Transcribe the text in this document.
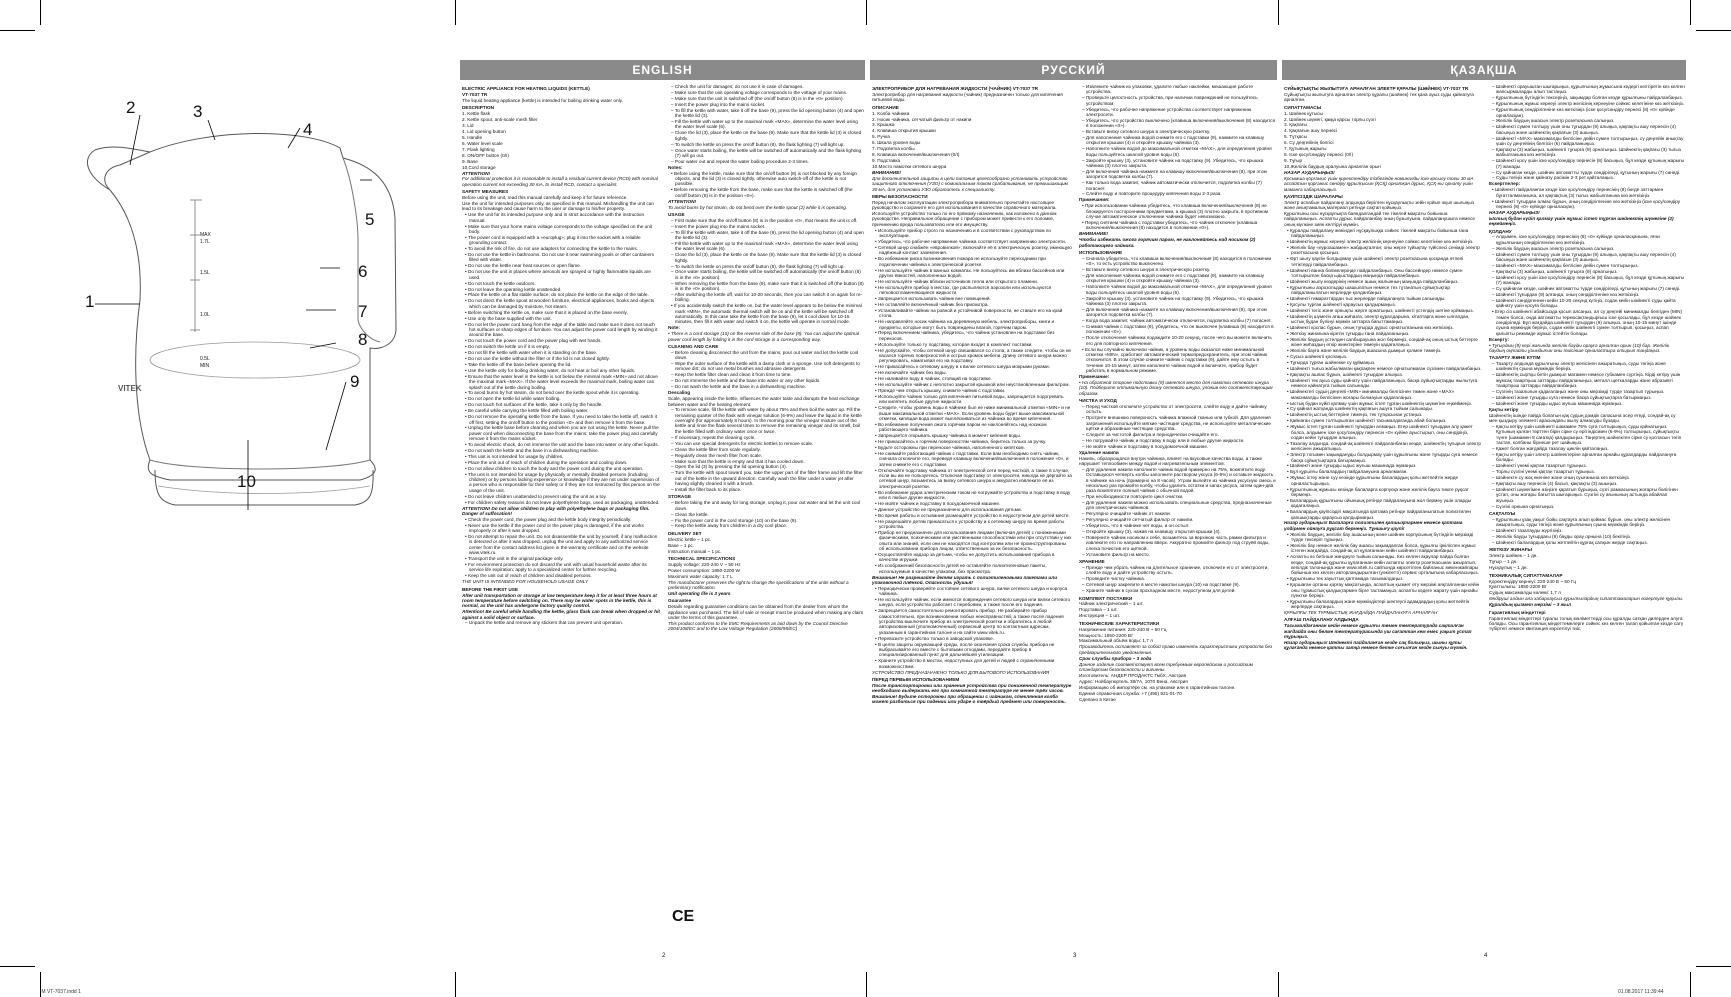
1
2	3
4
5
6
7
8
9
10
MAX
1.7L
1.5L
1.0L
0.5L
MIN
VITEK
ENGLISH

ELECTRIC APPLIANCE FOR HEATING LIQUIDS (KETTLE)

VT-7037 TR

The liquid heating appliance (kettle) is intended for boiling drinking water only.

DESCRIPTION

1. Kettle flask

2. Kettle spout, anti-scale mesh filter

3. Lid

4. Lid opening button

5. Handle

6. Water level scale

7. Flask lighting

8. ON/OFF button (0/I)

9. Base

10.Cord storage

ATTENTION!

For additional protection it is reasonable to install a residual current device (RCD) with nominal operation current not exceeding 30 mA, to install RCD, contact a specialist.

SAFETY MEASURES

Before using the unit, read this manual carefully and keep it for future reference.

Use the unit for intended purposes only, as specified in this manual. Mishandling the unit can lead to its breakage and cause harm to the user or damage to his/her property.

• Use the unit for its intended purpose only and in strict accordance with the instruction manual.

• Make sure that your home mains voltage corresponds to the voltage specified on the unit body.

• The power cord is equipped with a «europlug»; plug it into the socket with a reliable grounding contact.

• To avoid the risk of fire, do not use adapters for connecting the kettle to the mains.

• Do not use the kettle in bathrooms. Do not use it near swimming pools or other containers filled with water.

• Do not use the kettle near heat sources or open flame.

• Do not use the unit in places where aerosols are sprayed or highly flammable liquids are used.

• Do not touch the kettle outdoors.

• Do not leave the operating kettle unattended.

• Place the kettle on a flat stable surface; do not place the kettle on the edge of the table.

• Do not direct the kettle spout at wooden furniture, electrical appliances, books and objects which can be damaged by moisture, hot steam.

• Before switching the kettle on, make sure that it is placed on the base evenly.

• Use only the base supplied with the unit.

• Do not let the power cord hang from the edge of the table and make sure it does not touch hot surfaces or sharp edges of furniture. You can adjust the power cord length by winding it around the base.

• Do not touch the power cord and the power plug with wet hands.

• Do not switch the kettle on if it is empty.

• Do not fill the kettle with water when it is standing on the base.

• Do not use the kettle without the filter or if the lid is not closed tightly.

• Take the kettle off the base before opening the lid.

• Use the kettle only for boiling drinking water, do not heat or boil any other liquids.

• Ensure that the water level in the kettle is not below the minimal mark «MIN» and not above the maximal mark «MAX». If the water level exceeds the maximal mark, boiling water can splash out of the kettle during boiling.

• To avoid burns by hot steam, do not bend over the kettle spout while it is operating.

• Do not open the kettle lid while water boiling.

• Do not touch hot surfaces of the kettle, take it only by the handle.

• Be careful while carrying the kettle filled with boiling water.

• Do not remove the operating kettle from the base. If you need to take the kettle off, switch it off first, setting the on/off button to the position «0» and then remove it from the base.

• Unplug the kettle base before cleaning and when you are not using the kettle. Never pull the power cord when disconnecting the base from the mains; take the power plug and carefully remove it from the mains socket.

• To avoid electric shock, do not immerse the unit and the base into water or any other liquids.

• Do not wash the kettle and the base in a dishwashing machine.

• This unit is not intended for usage by children.

• Place the unit out of reach of children during the operation and cooling down.

• Do not allow children to touch the body and the power cord during the unit operation.

• The unit is not intended for usage by physically or mentally disabled persons (including children) or by persons lacking experience or knowledge if they are not under supervision of a person who is responsible for their safety or if they are not instructed by this person on the usage of the unit.

• Do not leave children unattended to prevent using the unit as a toy.

• For children safety reasons do not leave polyethylene bags, used as packaging, unattended.

ATTENTION! Do not allow children to play with polyethylene bags or packaging film. Danger of suffocation!

• Check the power cord, the power plug and the kettle body integrity periodically.

• Never use the kettle if the power cord or the power plug is damaged, if the unit works improperly or after it was dropped.

• Do not attempt to repair the unit. Do not disassemble the unit by yourself, if any malfunction is detected or after it was dropped, unplug the unit and apply to any authorized service center from the contact address list given in the warranty certificate and on the website www.vitek.ru.

• Transport the unit in the original package only.

• For environment protection do not discard the unit with usual household waste after its service life expiration; apply to a specialized center for further recycling.

• Keep the unit out of reach of children and disabled persons.

THE UNIT IS INTENDED FOR HOUSEHOLD USAGE ONLY

BEFORE THE FIRST USE

After unit transportation or storage at low temperature keep it for at least three hours at room temperature before switching on. There may be water spots in the kettle, this is normal, as the unit has undergone factory quality control.

Attention! Be careful while handling the kettle, glass flask can break when dropped or hit against a solid object or surface.

– Unpack the kettle and remove any stickers that can prevent unit operation.

– Check the unit for damages; do not use it in case of damages.

– Make sure that the unit operating voltage corresponds to the voltage of your mains.

– Make sure that the unit is switched off (the on/off button (8) is in the «0» position).

– Insert the power plug into the mains socket.

– To fill the kettle with water, take it off the base (9), press the lid opening button (4) and open the kettle lid (3).

– Fill the kettle with water up to the maximal mark «MAX», determine the water level using the water level scale (6).

– Close the lid (3), place the kettle on the base (9). Make sure that the kettle lid (3) is closed tightly.

– To switch the kettle on press the on/off button (8), the flask lighting (7) will light up.

– Once water starts boiling, the kettle will be switched off automatically and the flask lighting (7) will go out.

– Pour water out and repeat the water boiling procedure 2-3 times.

Notes:

• Before using the kettle, make sure that the on/off button (8) is not blocked by any foreign objects, and the lid (3) is closed tightly, otherwise auto switch-off of the kettle is not possible.

• Before removing the kettle from the base, make sure that the kettle is switched off (the on/off button (8) is in the position «0»).

ATTENTION!

To avoid burns by hot steam, do not bend over the kettle spout (2) while it is operating.

USAGE

– First make sure that the on/off button (8) is in the position «0», that means the unit is off.

– Insert the power plug into the mains socket.

– To fill the kettle with water, take it off the base (9), press the lid opening button (4) and open the kettle lid (3).

– Fill the kettle with water up to the maximal mark «MAX», determine the water level using the water level scale (6).

– Close the lid (3), place the kettle on the base (9). Make sure that the kettle lid (3) is closed tightly.

– To switch the kettle on press the on/off button (8), the flask lighting (7) will light up.

– Once water starts boiling, the kettle will be switched off automatically (the on/off button (8) is in the «0» position).

– When removing the kettle from the base (9), make sure that it is switched off (the button (8) is in the «0» position).

– After switching the kettle off, wait for 10-20 seconds, then you can switch it on again for re-boiling.

• If you accidentally switch the kettle on, but the water level appears to be below the minimal mark «MIN», the automatic thermal switch will be on and the kettle will be switched off automatically. In this case take the kettle from the base (9), let it cool down for 10-15 minutes, then fill it with water and switch it on, the kettle will operate in normal mode.

Note:

• There is a cord storage (10) on the reverse side of the base (9). You can adjust the optimal power cord length by folding it in the cord storage in a corresponding way.

CLEANING AND CARE

– Before cleaning disconnect the unit from the mains, pour out water and let the kettle cool down.

– Wipe the outer surface of the kettle with a damp cloth or a sponge. Use soft detergents to remove dirt; do not use metal brushes and abrasive detergents.

– Keep the kettle filter clean and clean it from time to time.

– Do not immerse the kettle and the base into water or any other liquids.

– Do not wash the kettle and the base in a dishwashing machine.

Descaling

Scale, appearing inside the kettle, influences the water taste and disrupts the heat exchange between water and the heating element.

– To remove scale, fill the kettle with water by about 75% and then boil the water up. Fill the remaining quarter of the flask with vinegar solution (6-9%) and leave the liquid in the kettle overnight (for approximately 8 hours). In the morning pour the vinegar mixture out of the kettle and rinse the flask several times to remove the remaining vinegar and its smell, boil the kettle filled with ordinary water once or twice.

– If necessary, repeat the cleaning cycle.

– You can use special detergents for electric kettles to remove scale.

– Clean the kettle filter from scale regularly.

– Regularly clean the mesh filter from scale.

– Make sure that the kettle is empty and that it has cooled down.

– Open the lid (3) by pressing the lid opening button (4).

– Turn the kettle with spout toward you, take the upper part of the filter frame and lift the filter out of the kettle in the upward direction. Carefully wash the filter under a water jet after having slightly cleaned it with a brush.

– Install the filter back to its place.

STORAGE

– Before taking the unit away for long storage, unplug it, pour out water and let the unit cool down.

– Clean the kettle.

– Fix the power cord in the cord storage (10) on the base (9).

– Keep the kettle away from children in a dry cool place.

DELIVERY SET

Electric kettle – 1 pc.

Base – 1 pc.

Instruction manual – 1 pc.

TECHNICAL SPECIFICATIONS

Supply voltage: 220-240 V ~ 50 Hz

Power consumption: 1850-2200 W

Maximum water capacity: 1.7 L

The manufacturer preserves the right to change the specifications of the units without a preliminary notification.

Unit operating life is 3 years

Guarantee

Details regarding guarantee conditions can be obtained from the dealer from whom the appliance was purchased. The bill of sale or receipt must be produced when making any claim under the terms of this guarantee.

This product conforms to the EMC-Requirements as laid down by the Council Directive 2004/108/EC and to the Low Voltage Regulation (2006/95/EC)

CE
2
РУССКИЙ

ЭЛЕКТРОПРИБОР ДЛЯ НАГРЕВАНИЯ ЖИДКОСТИ (ЧАЙНИК) VT-7037 TR

Электроприбор для нагревания жидкости (чайник) предназначен только для кипячения питьевой воды.

ОПИСАНИЕ

1. Колба чайника

2. Носик чайника, сетчатый фильтр от накипи

3. Крышка

4. Клавиша открытия крышки

5. Ручка

6. Шкала уровня воды

7. Подсветка колбы

8. Клавиша включения/выключения (0/I)

9. Подставка

10.Место намотки сетевого шнура

ВНИМАНИЕ!

Для дополнительной защиты в цепи питания целесообразно установить устройство защитного отключения (УЗО) с номинальным током срабатывания, не превышающим 30 мА, для установки УЗО обратитесь к специалисту.

МЕРЫ БЕЗОПАСНОСТИ

Перед началом эксплуатации электроприбора внимательно прочитайте настоящее руководство и сохраните его для использования в качестве справочного материала.

Используйте устройство только по его прямому назначению, как изложено в данном руководстве. Неправильное обращение с прибором может привести к его поломке, причинению вреда пользователю или его имуществу.

• Используйте прибор строго по назначению и в соответствии с руководством по эксплуатации.

• Убедитесь, что рабочее напряжение чайника соответствует напряжению электросети.

• Сетевой шнур снабжён «евровилкой»; включайте её в электрическую розетку, имеющую надёжный контакт заземления.

• Во избежание риска возникновения пожара не используйте переходники при подключении чайника к электрической розетке.

• Не используйте чайник в ванных комнатах. Не пользуйтесь им вблизи бассейнов или других ёмкостей, наполненных водой.

• Не используйте чайник вблизи источников тепла или открытого пламени.

• Не используйте прибор в местах, где распыляются аэрозоли или используются легковоспламеняющиеся жидкости.

• Запрещается использовать чайник вне помещений.

• Не оставляйте включённый чайник без присмотра.

• Устанавливайте чайник на ровной и устойчивой поверхности, не ставьте его на край стола.

• Не направляйте носик чайника на деревянную мебель, электроприборы, книги и предметы, которые могут быть повреждены влагой, горячим паром.

• Перед включением чайника, убедитесь, что чайник установлен на подставке без перекосов.

• Используйте только ту подставку, которая входит в комплект поставки.

• Не допускайте, чтобы сетевой шнур свешивался со стола, а также следите, чтобы он не касался горячих поверхностей и острых кромок мебели. Длину сетевого шнура можно регулировать, наматывая его на подставку.

• Не прикасайтесь к сетевому шнуру и к вилке сетевого шнура мокрыми руками.

• Не включайте чайник без воды.

• Не наливайте воду в чайник, стоящий на подставке.

• Не используйте чайник с неплотно закрытой крышкой или неустановленным фильтром.

• Прежде чем открыть крышку, снимите чайник с подставки.

• Используйте чайник только для кипячения питьевой воды, запрещается подогревать или кипятить любые другие жидкости.

• Следите, чтобы уровень воды в чайнике был не ниже минимальной отметки «MIN» и не выше максимальной отметки «MAX». Если уровень воды будет выше максимальной отметки, кипящая вода может выплёскиваться из чайника во время кипячения.

• Во избежание получения ожога горячим паром не наклоняйтесь над носиком работающего чайника.

• Запрещается открывать крышку чайника в момент кипения воды.

• Не прикасайтесь к горячим поверхностям чайника, беритесь только за ручку.

• Будьте осторожны при переноске чайника, наполненного кипятком.

• Не снимайте работающий чайник с подставки. Если вам необходимо снять чайник, сначала отключите его, переведя клавишу включения/выключения в положение «0», и затем снимите его с подставки.

• Отключайте подставку чайника от электрической сети перед чисткой, а также в случае, если вы им не пользуетесь. Отключая подставку от электросети, никогда не дёргайте за сетевой шнур, возьмитесь за вилку сетевого шнура и аккуратно извлеките её из электрической розетки.

• Во избежание удара электрическим током не погружайте устройство и подставку в воду или в любые другие жидкости.

• Не мойте чайник и подставку в посудомоечной машине.

• Данное устройство не предназначено для использования детьми.

• Во время работы и остывания размещайте устройство в недоступном для детей месте.

• Не разрешайте детям прикасаться к устройству и к сетевому шнуру во время работы устройства.

• Прибор не предназначен для использования лицами (включая детей) с пониженными физическими, психическими или умственными способностями или при отсутствии у них опыта или знаний, если они не находятся под контролем или не проинструктированы об использовании прибора лицом, ответственным за их безопасность.

• Осуществляйте надзор за детьми, чтобы не допустить использования прибора в качестве игрушки.

• Из соображений безопасности детей не оставляйте полиэтиленовые пакеты, используемые в качестве упаковки, без присмотра.

Внимание! Не разрешайте детям играть с полиэтиленовыми пакетами или упаковочной плёнкой. Опасность удушья!

• Периодически проверяйте состояние сетевого шнура, вилки сетевого шнура и корпуса чайника.

• Не используйте чайник, если имеются повреждения сетевого шнура или вилки сетевого шнура, если устройство работает с перебоями, а также после его падения.

• Запрещается самостоятельно ремонтировать прибор. Не разбирайте прибор самостоятельно, при возникновении любых неисправностей, а также после падения устройства выключите прибор из электрической розетки и обратитесь в любой авторизованный (уполномоченный) сервисный центр по контактным адресам, указанным в гарантийном талоне и на сайте www.vitek.ru.

• Перевозите устройство только в заводской упаковке.

• В целях защиты окружающей среды, после окончания срока службы прибора не выбрасывайте его вместе с бытовыми отходами, передайте прибор в специализированный пункт для дальнейшей утилизации.

• Храните устройство в местах, недоступных для детей и людей с ограниченными возможностями.

УСТРОЙСТВО ПРЕДНАЗНАЧЕНО ТОЛЬКО ДЛЯ БЫТОВОГО ИСПОЛЬЗОВАНИЯ

ПЕРЕД ПЕРВЫМ ИСПОЛЬЗОВАНИЕМ

После транспортировки или хранения устройства при пониженной температуре необходимо выдержать его при комнатной температуре не менее трёх часов.

Внимание! Будьте осторожны при обращении с чайником, стеклянная колба может разбиться при падении или ударе о твёрдый предмет или поверхность.

– Извлеките чайник из упаковки, удалите любые наклейки, мешающие работе устройства.

– Проверьте целостность устройства, при наличии повреждений не пользуйтесь устройством.

– Убедитесь, что рабочее напряжение устройства соответствует напряжению электросети.

– Убедитесь, что устройство выключено (клавиша включения/выключения (8) находится в положении «0»).

– Вставьте вилку сетевого шнура в электрическую розетку.

– Для наполнения чайника водой снимите его с подставки (9), нажмите на клавишу открытия крышки (4) и откройте крышку чайника (3).

– Наполните чайник водой до максимальной отметки «MAX», для определения уровня воды пользуйтесь шкалой уровня воды (6).

– Закройте крышку (3), установите чайник на подставку (9). Убедитесь, что крышка чайника (3) плотно закрыта.

– Для включения чайника нажмите на клавишу включения/выключения (8), при этом загорится подсветка колбы (7).

– Как только вода закипит, чайник автоматически отключится, подсветка колбы (7) погаснет.

– Слейте воду и повторите процедуру кипячения воды 2-3 раза.

Примечания:

• При использовании чайника убедитесь, что клавиша включения/выключения (8) не блокируется посторонними предметами, а крышка (3) плотно закрыта, в противном случае автоматическое отключение чайника будет невозможно.

• Перед снятием чайника с подставки убедитесь, что чайник отключен (клавиша включения/выключения (8) находится в положении «0»).

ВНИМАНИЕ!

Чтобы избежать ожога горячим паром, не наклоняйтесь над носиком (2) работающего чайника.

ИСПОЛЬЗОВАНИЕ

– Сначала убедитесь, что клавиша включения/выключения (8) находится в положении «0», то есть устройство выключено.

– Вставьте вилку сетевого шнура в электрическую розетку.

– Для наполнения чайника водой снимите его с подставки (9), нажмите на клавишу открытия крышки (4) и откройте крышку чайника (3).

– Наполните чайник водой до максимальной отметки «MAX», для определения уровня воды пользуйтесь шкалой уровня воды (6).

– Закройте крышку (3), установите чайник на подставку (9). Убедитесь, что крышка чайника (3) плотно закрыта.

– Для включения чайника нажмите на клавишу включения/выключения (8), при этом загорится подсветка колбы (7).

– Когда вода закипит, чайник автоматически отключится, подсветка колбы (7) погаснет.

– Снимая чайник с подставки (9), убедитесь, что он выключен (клавиша (8) находится в положении «0»).

– После отключения чайника подождите 10-20 секунд, после чего вы можете включить его для повторного кипячения.

• Если вы случайно включили чайник, а уровень воды оказался ниже минимальной отметки «MIN», сработает автоматический термопредохранитель, при этом чайник отключится. В этом случае снимите чайник с подставки (9), дайте ему остыть в течение 10-15 минут, затем наполните чайник водой и включите, прибор будет работать в нормальном режиме.

Примечание:

• На обратной стороне подставки (9) имеется место для намотки сетевого шнура (10). Подберите оптимальную длину сетевого шнура, уложив его соответствующим образом.

ЧИСТКА И УХОД

– Перед чисткой отключите устройство от электросети, слейте воду и дайте чайнику остыть.

– Протрите внешнюю поверхность чайника влажной тканью или губкой. Для удаления загрязнений используйте мягкие чистящие средства, не используйте металлические щётки и абразивные чистящие средства.

– Следите за чистотой фильтра и периодически очищайте его.

– Не погружайте чайник и подставку в воду или в любые другие жидкости.

– Не мойте чайник и подставку в посудомоечной машине.

Удаление накипи

Накипь, образующаяся внутри чайника, влияет на вкусовые качества воды, а также нарушает теплообмен между водой и нагревательным элементом.

– Для удаления накипи наполните чайник водой примерно на 75%, вскипятите воду. Оставшуюся четверть колбы заполните раствором уксуса (6-9%) и оставьте жидкость в чайнике на ночь (примерно на 8 часов). Утром вылейте из чайника уксусную смесь и несколько раз промойте колбу, чтобы удалить остатки и запах уксуса, затем один-два раза вскипятите полный чайник с обычной водой.

– При необходимости повторите цикл очистки.

– Для удаления накипи можно использовать специальные средства, предназначенные для электрических чайников.

– Регулярно очищайте чайник от накипи.

– Регулярно очищайте сетчатый фильтр от накипи.

– Убедитесь, что в чайнике нет воды, и он остыл.

– Откройте крышку (3), нажав на клавишу открытия крышки (4).

– Поверните чайник носиком к себе, возьмитесь за верхнюю часть рамки фильтра и извлеките его по направлению вверх. Аккуратно промойте фильтр под струёй воды, слегка почистив его щёткой.

– Установите фильтр на место.

ХРАНЕНИЕ

– Прежде чем убрать чайник на длительное хранение, отключите его от электросети, слейте воду и дайте устройству остыть.

– Проведите чистку чайника.

– Сетевой шнур закрепите в месте намотки шнура (10) на подставке (9).

– Храните чайник в сухом прохладном месте, недоступном для детей.

КОМПЛЕКТ ПОСТАВКИ

Чайник электрический – 1 шт.

Подставка – 1 шт.

Инструкция – 1 шт.

ТЕХНИЧЕСКИЕ ХАРАКТЕРИСТИКИ

Напряжение питания: 220-240 В ~ 50 Гц

Мощность: 1850-2200 Вт

Максимальный объём воды: 1,7 л

Производитель оставляет за собой право изменять характеристики устройств без предварительного уведомления.

Срок службы прибора – 3 года

Данное изделие соответствует всем требуемым европейским и российским стандартам безопасности и гигиены.

Изготовитель: АНДЕР ПРОДАКТС ГмбХ, Австрия

Адрес: Нойбаугюртель 38/7А, 1070 Вена, Австрия

Информацию об импортёре см. на упаковке или в гарантийном талоне.

Единая справочная служба: +7 (495) 921-01-70

Сделано в Китае

3
ҚАЗАҚША

СҰЙЫҚТЫҚТЫ ЖЫЛЫТУҒА АРНАЛҒАН ЭЛЕКТР ҚҰРАЛЫ (ШӘЙНЕК) VT-7037 TR

Сұйықтықты жылытуға арналған электр құралы (шәйнек) тек қана ауыз суды қайнатуға арналған.

СИПАТТАМАСЫ

1. Шәйнек құтысы

2. Шәйнек шүмегі, қаққа қарсы торлы сүзгі

3. Қақпағы

4. Қақпағын ашу пернесі

5. Тұтқасы

6. Су деңгейінің белгісі

7. Құтының жарығы

8. Іске қосу/сөндіру пернесі (0/I)

9. Тұғыр

10.Желілік баудың оралуына арналған орын

НАЗАР АУДАРЫҢЫЗ!

Қосымша қорғаныс үшін қоректендіру тізбегінде номиналды іске қосылу тогы 30 мА аспайтын қорғаныс сөндіру құрылғысын (ҚСҚ) орнатқан дұрыс, ҚСҚ-ны орнату үшін маманға хабарласыңыз.

ҚАУІПСІЗДІК ШАРАЛАРЫ

Электр аспабын пайдалану алдында берілген нұсқаулықты зейін қойып оқып шығыңыз және анықтамалық материал ретінде сақтап қойыңыз.

Құрылғыны осы нұсқаулықта баяндалғандай тек тікелей мақсаты бойынша пайдаланыңыз. Аспапты дұрыс пайдаланбау оның бұзылуына, пайдаланушыға немесе оның мүлкіне зиян келтіруі мүмкін.

• Құралды пайдалану жөніндегі нұсқаулыққа сәйкес тікелей мақсаты бойынша ғана пайдаланыңыз.

• Шәйнектің жұмыс кернеуі электр желісінің кернеуіне сәйкес келетініне көз жеткізіңіз.

• Желілік бау «еуроашамен» жабдықталған; оны жерге тұйықтау түйіспесі сенімді электр розеткасына қосыңыз.

• Өрт шығу қаупін болдырмау үшін шәйнекті электр розеткасына қосқанда өтпелі тетіктерді пайдаланбаңыз.

• Шәйнекті ванна бөлмелерінде пайдаланбаңыз. Оны бассейндер немесе сумен толтырылған басқа ыдыстардың маңында пайдаланбаңыз.

• Шәйнекті жылу көздерінің немесе ашық жалынның маңында пайдаланбаңыз.

• Құрылғыны аэрозольдар шашылатын немесе тез тұтанатын сұйықтықтар пайдаланылатын жерлерде қолданбаңыз.

• Шәйнекті ғимараттардан тыс жерлерде пайдалануға тыйым салынады.

• Қосулы тұрған шәйнекті қараусыз қалдырмаңыз.

• Шәйнекті тегіс және орнықты жерге орнатыңыз, шәйнекті үстелдің шетіне қоймаңыз.

• Шәйнектің шүмегін ағаш жиһазға, электр құралдарына, кітаптарға және ылғалдан, ыстық будан бүлінуі мүмкін заттарға бағыттамаңыз.

• Шәйнекті қоспас бұрын, оның тұғырда дұрыс орнатылғанына көз жеткізіңіз.

• Жеткізу жинағына кіретін тұғырды ғана пайдаланыңыз.

• Желілік баудың үстелден салбырауына жол бермеңіз, сондай-ақ оның ыстық беттерге және жиһаздың өткір жиектеріне тимеуін қадағалаңыз.

• Желілік бауға және желілік баудың ашасына дымқыл қолмен тимеңіз.

• Сусыз шәйнекті қоспаңыз.

• Тұғырда тұрған шәйнекке су құймаңыз.

• Шәйнекті тығыз жабылмаған қақпақпен немесе орнатылмаған сүзгімен пайдаланбаңыз.

• Қақпақты ашпас бұрын, шәйнекті тұғырдан алыңыз.

• Шәйнекті тек ауыз суды қайнату үшін пайдаланыңыз, басқа сұйықтықтарды жылытуға немесе қайнатуға тыйым салынады.

• Шәйнектегі судың деңгейі «MIN» минималды белгісінен төмен және «MAX» максималды белгісінен жоғары болмауын қадағалаңыз.

• Ыстық будан күйіп қалмау үшін жұмыс істеп тұрған шәйнектің шүмегіне еңкеймеңіз.

• Су қайнап жатқанда шәйнектің қақпағын ашуға тыйым салынады.

• Шәйнектің ыстық беттеріне тимеңіз, тек тұтқасынан ұстаңыз.

• Қайнаған сумен толтырылған шәйнекті тасымалдағанда абай болыңыз.

• Жұмыс істеп тұрған шәйнекті тұғырдан алмаңыз. Егер шәйнекті тұғырдан алу қажет болса, алдымен іске қосу/сөндіру пернесін «0» күйіне ауыстырып, оны сөндіріңіз, содан кейін тұғырдан алыңыз.

• Тазалау алдында, сондай-ақ шәйнекті пайдаланбаған кезде, шәйнектің тұғырын электр желісінен ажыратыңыз.

• Электр тогымен зақымдануды болдырмау үшін құрылғыны және тұғырды суға немесе басқа сұйықтықтарға батырмаңыз.

• Шәйнекті және тұғырды ыдыс жуғыш машинада жумаңыз.

• Бұл құрылғы балалардың пайдалануына арналмаған.

• Жұмыс істеу және суу кезінде құрылғыны балалардың қолы жетпейтін жерде орналастырыңыз.

• Құрылғының жұмысы кезінде балаларға корпусқа және желілік бауға тиюге рұқсат бермеңіз.

• Балалардың құрылғыны ойыншық ретінде пайдалануына жол бермеу үшін оларды қадағалаңыз.

• Балалардың қауіпсіздігі мақсатында қаптама ретінде пайдаланылатын полиэтилен қапшықтарды қараусыз қалдырмаңыз.

Назар аударыңыз! Балаларға полиэтилен қапшықтармен немесе қаптама үлдірмен ойнауға рұқсат бермеңіз. Тұншығу қаупі!

• Желілік баудың, желілік бау ашасының және шәйнек корпусының бүтіндігін мерзімді түрде тексеріп тұрыңыз.

• Желілік бау немесе желілік бау ашасы зақымдалған болса, құрылғы іркіліспен жұмыс істеген жағдайда, сондай-ақ ол құлағаннан кейін шәйнекті пайдаланбаңыз.

• Аспапты өз бетінше жөндеуге тыйым салынады. Кез келген ақаулар пайда болған кезде, сондай-ақ құрылғы құлағаннан кейін аспапты электр розеткасынан ажыратып, кепілдік талонында және www.vitek.ru сайтында көрсетілген байланыс мекенжайлары бойынша кез келген авторландырылған (уәкілетті) сервис орталығына хабарласыңыз.

• Құрылғыны тек зауыттық қаптамада тасымалдаңыз.

• Қоршаған ортаны қорғау мақсатында, аспаптың қызмет ету мерзімі аяқталғаннан кейін оны тұрмыстық қалдықтармен бірге тастамаңыз, аспапты кәдеге жарату үшін арнайы пунктке беріңіз.

• Құрылғыны балалардың және мүмкіндіктері шектеулі адамдардың қолы жетпейтін жерлерде сақтаңыз.

ҚҰРЫЛҒЫ ТЕК ТҰРМЫСТЫҚ ЖАҒДАЙДА ПАЙДАЛАНУҒА АРНАЛҒАН

АЛҒАШ ПАЙДАЛАНУ АЛДЫНДА

Тасымалдағаннан кейін немесе құрылғы төмен температурада сақталған жағдайда оны бөлме температурасында үш сағаттан кем емес уақыт ұстап тұрыңыз.

Назар аударыңыз! Шәйнекті пайдаланған кезде сақ болыңыз, шыны құты құлағанда немесе қатты затқа немесе бетке соғылған кезде сынуы мүмкін.

– Шәйнекті орауыштан шығарыңыз, құрылғының жұмысына кедергі келтіретін кез келген жапсырмаларды алып тастаңыз.

– Құрылғының бүтіндігін тексеріңіз, зақымдар болған кезде құрылғыны пайдаланбаңыз.

– Құрылғының жұмыс кернеуі электр желісінің кернеуіне сәйкес келетініне көз жеткізіңіз.

– Құрылғының сөндірілгеніне көз жеткізіңіз (іске қосу/сөндіру пернесі (8) «0» күйінде орналасқан).

– Желілік баудың ашасын электр розеткасына салыңыз.

– Шәйнекті сумен толтыру үшін оны тұғырдан (9) алыңыз, қақпақты ашу пернесін (4) басыңыз және шәйнектің қақпағын (3) ашыңыз.

– Шәйнекті «MAX» максималды белгісіне дейін сумен толтырыңыз, су деңгейін анықтау үшін су деңгейінің белгісін (6) пайдаланыңыз.

– Қақпақты (3) жабыңыз, шәйнекті тұғырға (9) орнатыңыз. Шәйнектің қақпағы (3) тығыз жабылғанына көз жеткізіңіз.

– Шәйнекті қосу үшін іске қосу/сөндіру пернесін (8) басыңыз, бұл кезде құтының жарығы (7) жанады.

– Су қайнаған кезде, шәйнек автоматты түрде сөндіріледі, құтының жарығы (7) сөнеді.

– Суды төгіңіз және қайнату рәсімін 2-3 рет қайталаңыз.

Ескертпелер:

• Шәйнекті пайдаланған кезде іске қосу/сөндіру пернесінің (8) бөгде заттармен бұғатталмағанына, ал қақпақтың (3) тығыз жабылғанына көз жеткізіңіз.

• Шәйнекті тұғырдан алмас бұрын, оның сөндірілгеніне көз жеткізіңіз (іске қосу/сөндіру пернесі (8) «0» күйінде орналасқан).

НАЗАР АУДАРЫҢЫЗ!

Ыстық будан күйіп қалмау үшін жұмыс істеп тұрған шәйнектің шүмегіне (2) еңкеймеңіз.

ҚОЛДАНУ

– Алдымен, іске қосу/сөндіру пернесінің (8) «0» күйінде орналасқанына, яғни құрылғының сөндірілгеніне көз жеткізіңіз.

– Желілік баудың ашасын электр розеткасына салыңыз.

– Шәйнекті сумен толтыру үшін оны тұғырдан (9) алыңыз, қақпақты ашу пернесін (4) басыңыз және шәйнектің қақпағын (3) ашыңыз.

– Шәйнекті «MAX» максималды белгісіне дейін сумен толтырыңыз.

– Қақпақты (3) жабыңыз, шәйнекті тұғырға (9) орнатыңыз.

– Шәйнекті қосу үшін іске қосу/сөндіру пернесін (8) басыңыз, бұл кезде құтының жарығы (7) жанады.

– Су қайнаған кезде, шәйнек автоматты түрде сөндіріледі, құтының жарығы (7) сөнеді.

– Шәйнекті тұғырдан (9) алғанда, оның сөндірілгеніне көз жеткізіңіз.

– Шәйнекті сөндіргеннен кейін 10-20 секунд күтіңіз, содан кейін шәйнекті суды қайта қайнату үшін қосуға болады.

• Егер сіз шәйнекті абайсызда қосып алсаңыз, ал су деңгейі минималды белгіден (MIN) төмен болса, онда автоматты термосақтандырғыш іске қосылады, бұл кезде шәйнек сөндіріледі. Бұл жағдайда шәйнекті тұғырдан (9) алыңыз, оның 10-15 минут ішінде суына мүмкіндік беріңіз, содан кейін шәйнекті сумен толтырып, қосыңыз, аспап қалыпты режимде жұмыс істейтін болады.

Ескерту:

• Тұғырдың (9) кері жағында желілік бауды орауға арналған орын (10) бар. Желілік баудың оңтайлы ұзындығын оны тиісінше орналастыра отырып таңдаңыз.

ТАЗАРТУ ЖӘНЕ КҮТІМ

– Тазарту алдында құрылғыны электр желісінен ажыратыңыз, суды төгіңіз және шәйнектің суына мүмкіндік беріңіз.

– Шәйнектің сыртқы бетін дымқыл матамен немесе губкамен сүртіңіз. Кірді кетіру үшін жұмсақ тазартқыш заттарды пайдаланыңыз, металл щеткаларды және абразивті тазартқыш заттарды пайдаланбаңыз.

– Сүзгінің тазалығын қадағалаңыз және оны мерзімді түрде тазартып тұрыңыз.

– Шәйнекті және тұғырды суға немесе басқа сұйықтықтарға батырмаңыз.

– Шәйнекті және тұғырды ыдыс жуғыш машинада жумаңыз.

Қақты кетіру

Шәйнектің ішінде пайда болатын қақ судың дәмдік сапасына әсер етеді, сондай-ақ су мен қыздыру элементі арасындағы жылу алмасуды бұзады.

– Қақты кетіру үшін шәйнекті шамамен 75% суға толтырыңыз, суды қайнатыңыз. Құтының қалған төрттен бірін сірке су ерітіндісімен (6-9%) толтырыңыз, сұйықтықты түнге (шамамен 8 сағатқа) қалдырыңыз. Таңертең шәйнектен сірке су қоспасын төгіп тастап, колбаны бірнеше рет шайыңыз.

– Қажет болған жағдайда тазалау циклін қайталаңыз.

– Қақты кетіру үшін электр шәйнектеріне арналған арнайы құралдарды пайдалануға болады.

– Шәйнекті үнемі қақтан тазартып тұрыңыз.

– Торлы сүзгіні үнемі қақтан тазартып тұрыңыз.

– Шәйнекте су жоқ екеніне және оның суығанына көз жеткізіңіз.

– Қақпақты ашу пернесін (4) басып, қақпақты (3) ашыңыз.

– Шәйнекті шүмегімен өзіңізге қаратып бұрыңыз, сүзгі рамкасының жоғарғы бөлігінен ұстап, оны жоғары бағытта шығарыңыз. Сүзгіні су ағынының астында абайлап жуыңыз.

– Сүзгіні орнына орнатыңыз.

САҚТАЛУЫ

– Құрылғыны ұзақ уақыт бойы сақтауға алып қоймас бұрын, оны электр желісінен ажыратыңыз, суды төгіңіз және құрылғының суына мүмкіндік беріңіз.

– Шәйнекті тазалауды жүргізіңіз.

– Желілік бауды тұғырдағы (9) бауды орау орнына (10) бекітіңіз.

– Шәйнекті балалардың қолы жетпейтін құрғақ салқын жерде сақтаңыз.

ЖЕТКІЗУ ЖИНАҒЫ

Электр шәйнек – 1 дн.

Тұғыр – 1 дн.

Нұсқаулық – 1 дн.

ТЕХНИКАЛЫҚ СИПАТТАМАЛАР

Қоректендіру кернеуі: 220-240 В ~ 50 Гц

Қуаттылығы: 1850-2200 Вт

Судың максималды көлемі: 1,7 л

Өндіруші алдын ала хабарлаусыз құрылғылардың сипаттамаларын өзгертуге құқылы.

Құралдың қызмет мерзімі – 3 жыл

Гарантиялық міндеттері

Гарантиялық міндеттері туралы толық мәліметтерді осы құралды сатқан дилерден алуға болады. Осы гарантиялық міндеттемелерге сәйкес кез келген талап қойылған кезде сату түбіртегі немесе квитанция көрсетілуі тиіс.

4
IM VT-7037.indd 1	01.08.2017 11:39:44
